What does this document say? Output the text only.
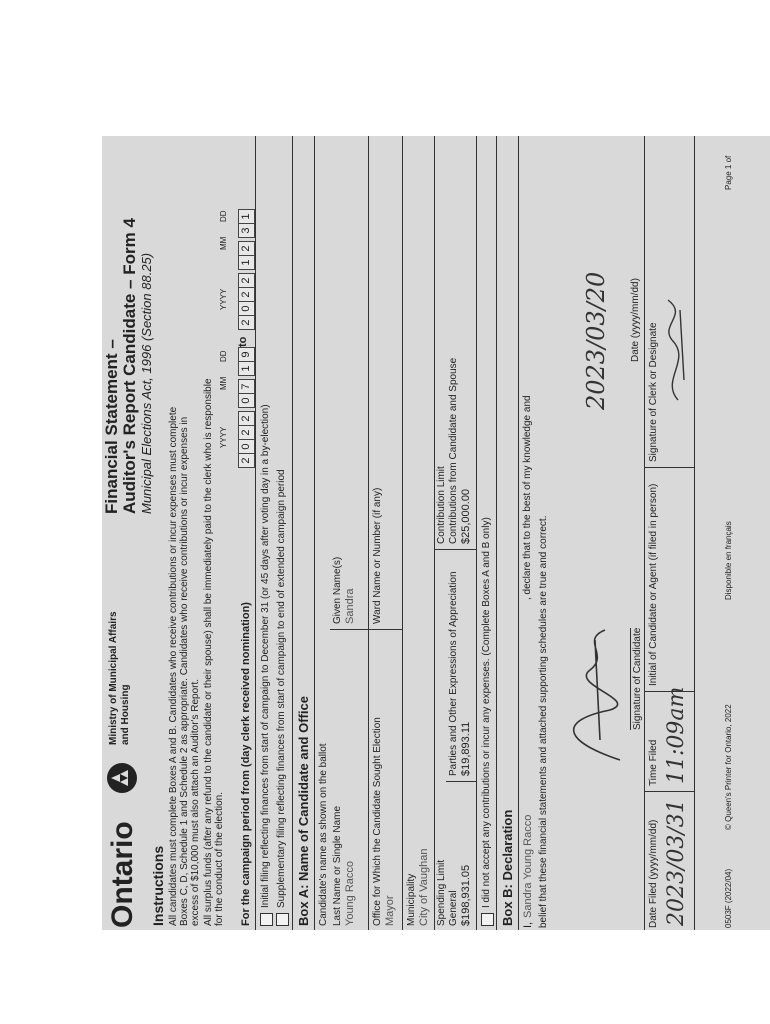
Ontario
Ministry of Municipal Affairs and Housing
Financial Statement – Auditor's Report Candidate – Form 4 Municipal Elections Act, 1996 (Section 88.25)
Instructions All candidates must complete Boxes A and B. Candidates who receive contributions or incur expenses must complete Boxes C, D, Schedule 1 and Schedule 2 as appropriate. Candidates who receive contributions or incur expenses in excess of $10,000 must also attach an Auditor's Report. All surplus funds (after any refund to the candidate or their spouse) shall be immediately paid to the clerk who is responsible for the conduct of the election. For the campaign period from (day clerk received nomination)
YYYY
MM
DD
YYYY
MM
DD
20220719
to
20221231
Initial filing reflecting finances from start of campaign to December 31 (or 45 days after voting day in a by-election) Supplementary filing reflecting finances from start of campaign to end of extended campaign period Box A: Name of Candidate and Office Candidate's name as shown on the ballot Last Name or Single Name Young Racco
Given Name(s) Sandra
Office for Which the Candidate Sought Election Mayor
Ward Name or Number (if any)
Municipality City of Vaughan Spending Limit General $198,931.05
Parties and Other Expressions of Appreciation $19,893.11
Contribution Limit Contributions from Candidate and Spouse $25,000.00
I did not accept any contributions or incur any expenses. (Complete Boxes A and B only) Box B: Declaration I,
Sandra Young Racco
, declare that to the best of my knowledge and
belief that these financial statements and attached supporting schedules are true and correct.	Signature of Candidate
2023/03/20 Date (yyyy/mm/dd)
Date Filed (yyyy/mm/dd) 2023/03/31
Time Filed 11:09am
Initial of Candidate or Agent (if filed in person)
Signature of Clerk or Designate
0503F (2022/04)
© Queen's Printer for Ontario, 2022
Disponible en français
Page 1 of
